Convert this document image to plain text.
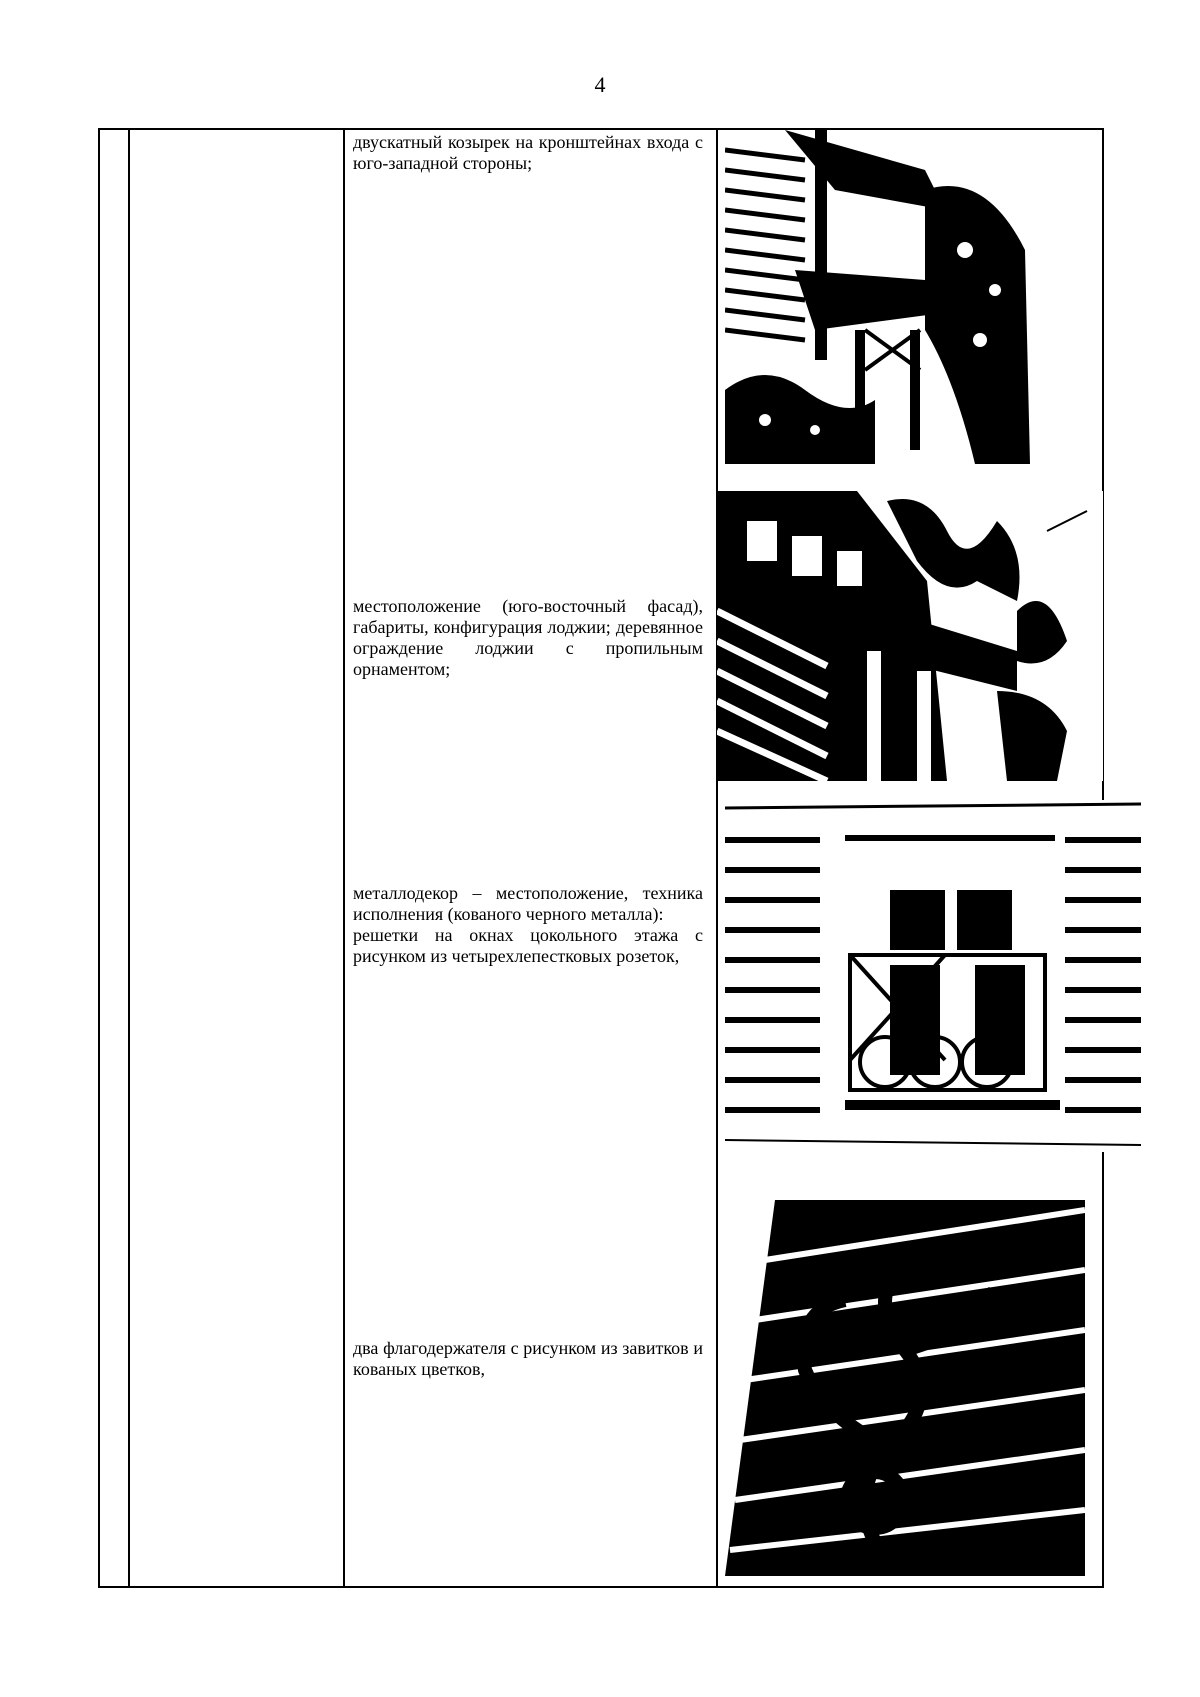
4

двускатный козырек на кронштейнах входа с юго-западной стороны;

местоположение (юго-восточный фасад), габариты, конфигурация лоджии; деревянное ограждение лоджии с пропильным орнаментом;

металлодекор – местоположение, техника исполнения (кованого черного металла):

решетки на окнах цокольного этажа с рисунком из четырехлепестковых розеток,

два флагодержателя с рисунком из завитков и кованых цветков,
